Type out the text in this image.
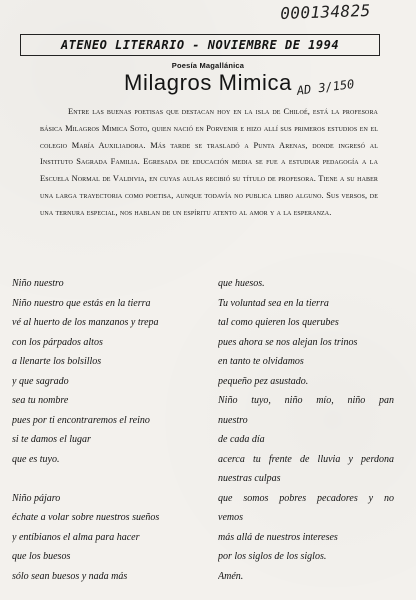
000134825
AD 3/150
ATENEO LITERARIO - NOVIEMBRE DE 1994
Poesía Magallánica
Milagros Mimica

Entre las buenas poetisas que destacan hoy en la isla de Chiloé, está la profesora básica Milagros Mimica Soto, quien nació en Porvenir e hizo allí sus primeros estudios en el colegio María Auxiliadora. Más tarde se trasladó a Punta Arenas, donde ingresó al Instituto Sagrada Familia. Egresada de educación media se fue a estudiar pedagogía a la Escuela Normal de Valdivia, en cuyas aulas recibió su título de profesora. Tiene a su haber una larga trayectoria como poetisa, aunque todavía no publica libro alguno. Sus versos, de una ternura especial, nos hablan de un espíritu atento al amor y a la esperanza.

Niño nuestro
Niño nuestro que estás en la tierra
vé al huerto de los manzanos y trepa
con los párpados altos
a llenarte los bolsillos
y que sagrado
sea tu nombre
pues por ti encontraremos el reino
si te damos el lugar
que es tuyo.
Niño pájaro
échate a volar sobre nuestros sueños
y entíbianos el alma para hacer
que los buesos
sólo sean buesos y nada más
que huesos.
Tu voluntad sea en la tierra
tal como quieren los querubes
pues ahora se nos alejan los trinos
en tanto te olvidamos
pequeño pez asustado.
Niño tuyo, niño mío, niño pan
nuestro
de cada día
acerca tu frente de lluvia y perdona
nuestras culpas
que somos pobres pecadores y no
vemos
más allá de nuestros intereses
por los siglos de los siglos.
Amén.
